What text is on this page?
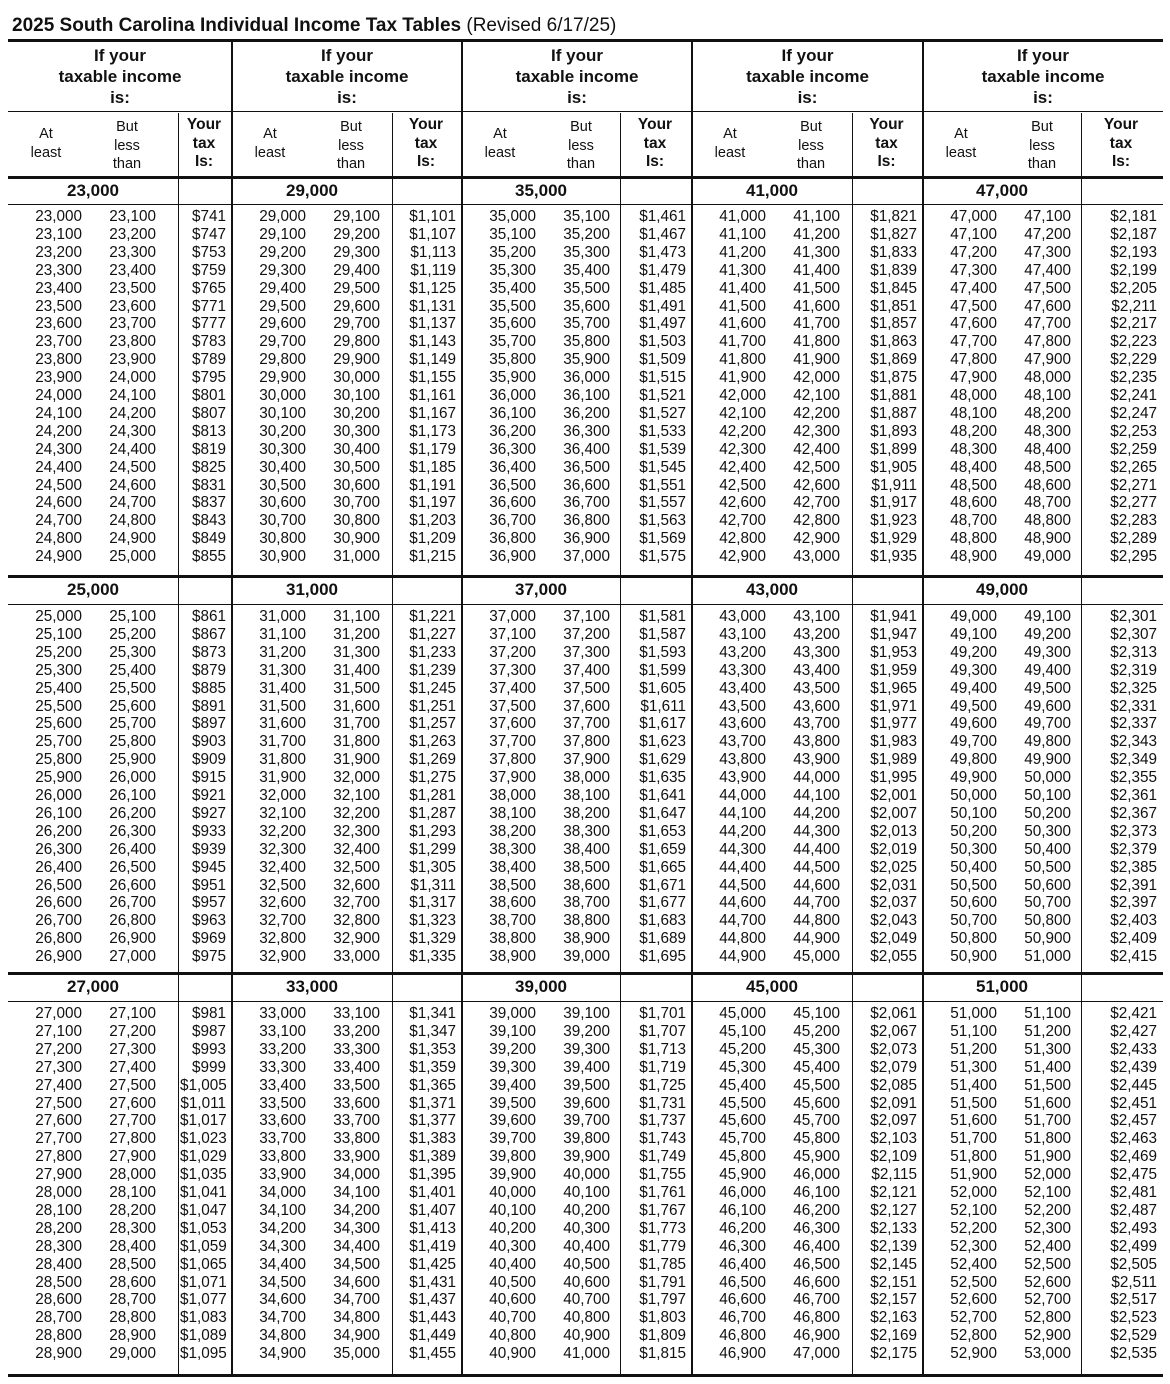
2025 South Carolina Individual Income Tax Tables (Revised 6/17/25)
If your
taxable income
is:
At
least
But
less
than
Your
tax
Is:
23,000
23,000	23,100	$741
23,100	23,200	$747
23,200	23,300	$753
23,300	23,400	$759
23,400	23,500	$765
23,500	23,600	$771
23,600	23,700	$777
23,700	23,800	$783
23,800	23,900	$789
23,900	24,000	$795
24,000	24,100	$801
24,100	24,200	$807
24,200	24,300	$813
24,300	24,400	$819
24,400	24,500	$825
24,500	24,600	$831
24,600	24,700	$837
24,700	24,800	$843
24,800	24,900	$849
24,900	25,000	$855
25,000
25,000	25,100	$861
25,100	25,200	$867
25,200	25,300	$873
25,300	25,400	$879
25,400	25,500	$885
25,500	25,600	$891
25,600	25,700	$897
25,700	25,800	$903
25,800	25,900	$909
25,900	26,000	$915
26,000	26,100	$921
26,100	26,200	$927
26,200	26,300	$933
26,300	26,400	$939
26,400	26,500	$945
26,500	26,600	$951
26,600	26,700	$957
26,700	26,800	$963
26,800	26,900	$969
26,900	27,000	$975
27,000
27,000	27,100	$981
27,100	27,200	$987
27,200	27,300	$993
27,300	27,400	$999
27,400	27,500 $1,005
27,500	27,600 $1,011
27,600	27,700 $1,017
27,700	27,800 $1,023
27,800	27,900 $1,029
27,900	28,000 $1,035
28,000	28,100 $1,041
28,100	28,200 $1,047
28,200	28,300 $1,053
28,300	28,400 $1,059
28,400	28,500 $1,065
28,500	28,600 $1,071
28,600	28,700 $1,077
28,700	28,800 $1,083
28,800	28,900 $1,089
28,900	29,000 $1,095
If your
taxable income
is:
At
least
But
less
than
Your
tax
Is:
29,000
29,000	29,100	$1,101
29,100	29,200	$1,107
29,200	29,300	$1,113
29,300	29,400	$1,119
29,400	29,500	$1,125
29,500	29,600	$1,131
29,600	29,700	$1,137
29,700	29,800	$1,143
29,800	29,900	$1,149
29,900	30,000	$1,155
30,000	30,100	$1,161
30,100	30,200	$1,167
30,200	30,300	$1,173
30,300	30,400	$1,179
30,400	30,500	$1,185
30,500	30,600	$1,191
30,600	30,700	$1,197
30,700	30,800	$1,203
30,800	30,900	$1,209
30,900	31,000	$1,215
31,000
31,000	31,100	$1,221
31,100	31,200	$1,227
31,200	31,300	$1,233
31,300	31,400	$1,239
31,400	31,500	$1,245
31,500	31,600	$1,251
31,600	31,700	$1,257
31,700	31,800	$1,263
31,800	31,900	$1,269
31,900	32,000	$1,275
32,000	32,100	$1,281
32,100	32,200	$1,287
32,200	32,300	$1,293
32,300	32,400	$1,299
32,400	32,500	$1,305
32,500	32,600	$1,311
32,600	32,700	$1,317
32,700	32,800	$1,323
32,800	32,900	$1,329
32,900	33,000	$1,335
33,000
33,000	33,100	$1,341
33,100	33,200	$1,347
33,200	33,300	$1,353
33,300	33,400	$1,359
33,400	33,500	$1,365
33,500	33,600	$1,371
33,600	33,700	$1,377
33,700	33,800	$1,383
33,800	33,900	$1,389
33,900	34,000	$1,395
34,000	34,100	$1,401
34,100	34,200	$1,407
34,200	34,300	$1,413
34,300	34,400	$1,419
34,400	34,500	$1,425
34,500	34,600	$1,431
34,600	34,700	$1,437
34,700	34,800	$1,443
34,800	34,900	$1,449
34,900	35,000	$1,455
If your
taxable income
is:
At
least
But
less
than
Your
tax
Is:
35,000
35,000	35,100	$1,461
35,100	35,200	$1,467
35,200	35,300	$1,473
35,300	35,400	$1,479
35,400	35,500	$1,485
35,500	35,600	$1,491
35,600	35,700	$1,497
35,700	35,800	$1,503
35,800	35,900	$1,509
35,900	36,000	$1,515
36,000	36,100	$1,521
36,100	36,200	$1,527
36,200	36,300	$1,533
36,300	36,400	$1,539
36,400	36,500	$1,545
36,500	36,600	$1,551
36,600	36,700	$1,557
36,700	36,800	$1,563
36,800	36,900	$1,569
36,900	37,000	$1,575
37,000
37,000	37,100	$1,581
37,100	37,200	$1,587
37,200	37,300	$1,593
37,300	37,400	$1,599
37,400	37,500	$1,605
37,500	37,600	$1,611
37,600	37,700	$1,617
37,700	37,800	$1,623
37,800	37,900	$1,629
37,900	38,000	$1,635
38,000	38,100	$1,641
38,100	38,200	$1,647
38,200	38,300	$1,653
38,300	38,400	$1,659
38,400	38,500	$1,665
38,500	38,600	$1,671
38,600	38,700	$1,677
38,700	38,800	$1,683
38,800	38,900	$1,689
38,900	39,000	$1,695
39,000
39,000	39,100	$1,701
39,100	39,200	$1,707
39,200	39,300	$1,713
39,300	39,400	$1,719
39,400	39,500	$1,725
39,500	39,600	$1,731
39,600	39,700	$1,737
39,700	39,800	$1,743
39,800	39,900	$1,749
39,900	40,000	$1,755
40,000	40,100	$1,761
40,100	40,200	$1,767
40,200	40,300	$1,773
40,300	40,400	$1,779
40,400	40,500	$1,785
40,500	40,600	$1,791
40,600	40,700	$1,797
40,700	40,800	$1,803
40,800	40,900	$1,809
40,900	41,000	$1,815
If your
taxable income
is:
At
least
But
less
than
Your
tax
Is:
41,000
41,000	41,100	$1,821
41,100	41,200	$1,827
41,200	41,300	$1,833
41,300	41,400	$1,839
41,400	41,500	$1,845
41,500	41,600	$1,851
41,600	41,700	$1,857
41,700	41,800	$1,863
41,800	41,900	$1,869
41,900	42,000	$1,875
42,000	42,100	$1,881
42,100	42,200	$1,887
42,200	42,300	$1,893
42,300	42,400	$1,899
42,400	42,500	$1,905
42,500	42,600	$1,911
42,600	42,700	$1,917
42,700	42,800	$1,923
42,800	42,900	$1,929
42,900	43,000	$1,935
43,000
43,000	43,100	$1,941
43,100	43,200	$1,947
43,200	43,300	$1,953
43,300	43,400	$1,959
43,400	43,500	$1,965
43,500	43,600	$1,971
43,600	43,700	$1,977
43,700	43,800	$1,983
43,800	43,900	$1,989
43,900	44,000	$1,995
44,000	44,100	$2,001
44,100	44,200	$2,007
44,200	44,300	$2,013
44,300	44,400	$2,019
44,400	44,500	$2,025
44,500	44,600	$2,031
44,600	44,700	$2,037
44,700	44,800	$2,043
44,800	44,900	$2,049
44,900	45,000	$2,055
45,000
45,000	45,100	$2,061
45,100	45,200	$2,067
45,200	45,300	$2,073
45,300	45,400	$2,079
45,400	45,500	$2,085
45,500	45,600	$2,091
45,600	45,700	$2,097
45,700	45,800	$2,103
45,800	45,900	$2,109
45,900	46,000	$2,115
46,000	46,100	$2,121
46,100	46,200	$2,127
46,200	46,300	$2,133
46,300	46,400	$2,139
46,400	46,500	$2,145
46,500	46,600	$2,151
46,600	46,700	$2,157
46,700	46,800	$2,163
46,800	46,900	$2,169
46,900	47,000	$2,175
If your
taxable income
is:
At
least
But
less
than
Your
tax
Is:
47,000
47,000	47,100	$2,181
47,100	47,200	$2,187
47,200	47,300	$2,193
47,300	47,400	$2,199
47,400	47,500	$2,205
47,500	47,600	$2,211
47,600	47,700	$2,217
47,700	47,800	$2,223
47,800	47,900	$2,229
47,900	48,000	$2,235
48,000	48,100	$2,241
48,100	48,200	$2,247
48,200	48,300	$2,253
48,300	48,400	$2,259
48,400	48,500	$2,265
48,500	48,600	$2,271
48,600	48,700	$2,277
48,700	48,800	$2,283
48,800	48,900	$2,289
48,900	49,000	$2,295
49,000
49,000	49,100	$2,301
49,100	49,200	$2,307
49,200	49,300	$2,313
49,300	49,400	$2,319
49,400	49,500	$2,325
49,500	49,600	$2,331
49,600	49,700	$2,337
49,700	49,800	$2,343
49,800	49,900	$2,349
49,900	50,000	$2,355
50,000	50,100	$2,361
50,100	50,200	$2,367
50,200	50,300	$2,373
50,300	50,400	$2,379
50,400	50,500	$2,385
50,500	50,600	$2,391
50,600	50,700	$2,397
50,700	50,800	$2,403
50,800	50,900	$2,409
50,900	51,000	$2,415
51,000
51,000	51,100	$2,421
51,100	51,200	$2,427
51,200	51,300	$2,433
51,300	51,400	$2,439
51,400	51,500	$2,445
51,500	51,600	$2,451
51,600	51,700	$2,457
51,700	51,800	$2,463
51,800	51,900	$2,469
51,900	52,000	$2,475
52,000	52,100	$2,481
52,100	52,200	$2,487
52,200	52,300	$2,493
52,300	52,400	$2,499
52,400	52,500	$2,505
52,500	52,600	$2,511
52,600	52,700	$2,517
52,700	52,800	$2,523
52,800	52,900	$2,529
52,900	53,000	$2,535
